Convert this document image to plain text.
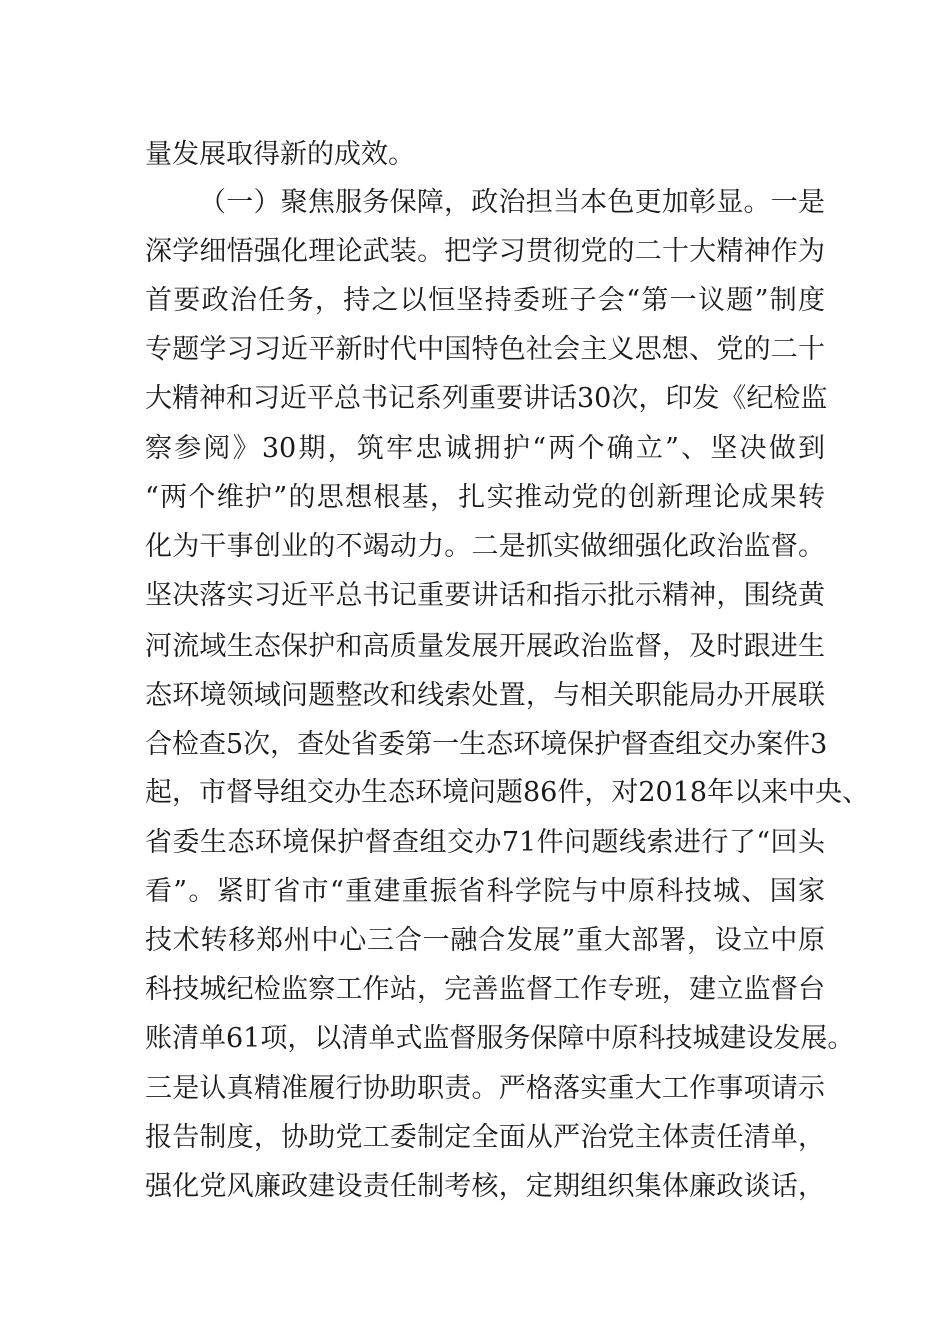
量发展取得新的成效。
（一）聚焦服务保障，政治担当本色更加彰显。一是
深学细悟强化理论武装。把学习贯彻党的二十大精神作为
首要政治任务，持之以恒坚持委班子会“第一议题”制度
专题学习习近平新时代中国特色社会主义思想、党的二十
大精神和习近平总书记系列重要讲话30次，印发《纪检监
察参阅》30期，筑牢忠诚拥护“两个确立”、坚决做到
“两个维护”的思想根基，扎实推动党的创新理论成果转
化为干事创业的不竭动力。二是抓实做细强化政治监督。
坚决落实习近平总书记重要讲话和指示批示精神，围绕黄
河流域生态保护和高质量发展开展政治监督，及时跟进生
态环境领域问题整改和线索处置，与相关职能局办开展联
合检查5次，查处省委第一生态环境保护督查组交办案件3
起，市督导组交办生态环境问题86件，对2018年以来中央、
省委生态环境保护督查组交办71件问题线索进行了“回头
看”。紧盯省市“重建重振省科学院与中原科技城、国家
技术转移郑州中心三合一融合发展”重大部署，设立中原
科技城纪检监察工作站，完善监督工作专班，建立监督台
账清单61项，以清单式监督服务保障中原科技城建设发展。
三是认真精准履行协助职责。严格落实重大工作事项请示
报告制度，协助党工委制定全面从严治党主体责任清单，
强化党风廉政建设责任制考核，定期组织集体廉政谈话，
